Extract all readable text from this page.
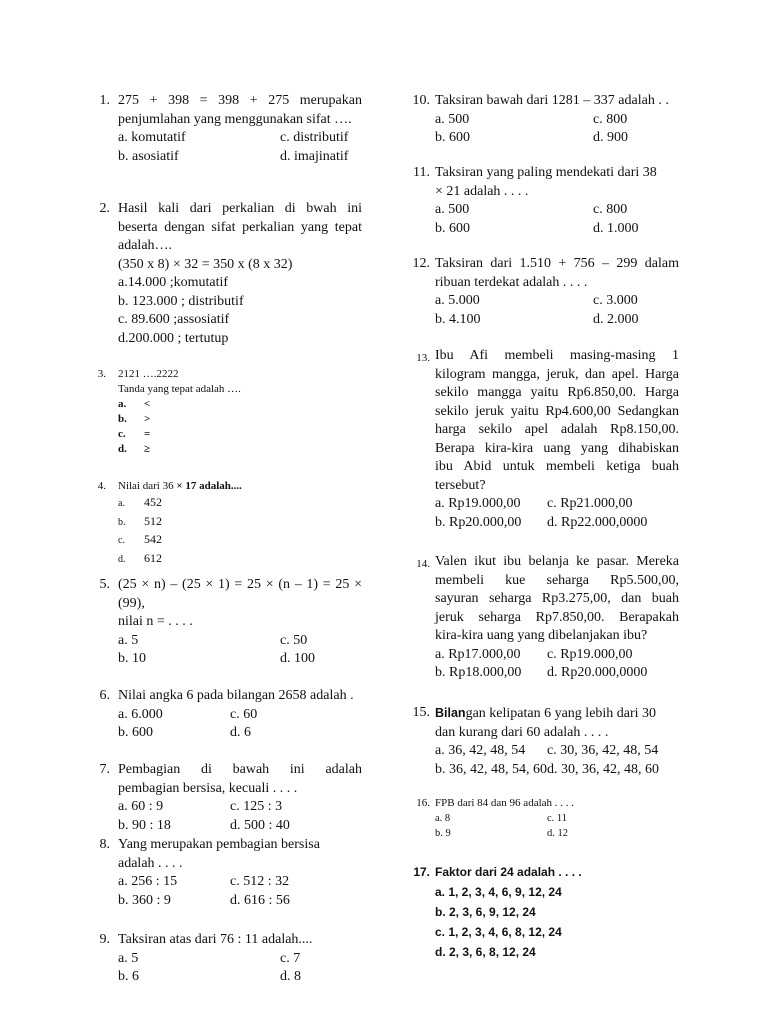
1. 275 + 398 = 398 + 275 merupakan
penjumlahan yang menggunakan sifat ….
a. komutatif	c. distributif
b. asosiatif	d. imajinatif
2. Hasil kali dari perkalian di bwah ini
beserta dengan sifat perkalian yang tepat
adalah….
(350 x 8) × 32 = 350 x (8 x 32)
a.14.000 ;komutatif
b. 123.000 ; distributif
c. 89.600 ;assosiatif
d.200.000 ; tertutup
3. 2121 ….2222
Tanda yang tepat adalah ….
a. <
b. >
c. =
d. ≥
4. Nilai dari 36 × 17 adalah....
a. 452
b. 512
c. 542
d. 612
5. (25 × n) – (25 × 1) = 25 × (n – 1) = 25 ×
(99),
nilai n = . . . .
a. 5	c. 50
b. 10	d. 100
6. Nilai angka 6 pada bilangan 2658 adalah .
a. 6.000	c. 60
b. 600	d. 6
7. Pembagian di bawah ini adalah
pembagian bersisa, kecuali . . . .
a. 60 : 9	c. 125 : 3
b. 90 : 18	d. 500 : 40
8. Yang merupakan pembagian bersisa
adalah . . . .
a. 256 : 15	c. 512 : 32
b. 360 : 9	d. 616 : 56
9. Taksiran atas dari 76 : 11 adalah....
a. 5	c. 7
b. 6	d. 8
10. Taksiran bawah dari 1281 – 337 adalah . .
a. 500	c. 800
b. 600	d. 900
11. Taksiran yang paling mendekati dari 38
× 21 adalah . . . .
a. 500	c. 800
b. 600	d. 1.000
12. Taksiran dari 1.510 + 756 – 299 dalam
ribuan terdekat adalah . . . .
a. 5.000	c. 3.000
b. 4.100	d. 2.000
13. Ibu Afi membeli masing-masing 1
kilogram mangga, jeruk, dan apel. Harga
sekilo mangga yaitu Rp6.850,00. Harga
sekilo jeruk yaitu Rp4.600,00 Sedangkan
harga sekilo apel adalah Rp8.150,00.
Berapa kira-kira uang yang dihabiskan
ibu Abid untuk membeli ketiga buah
tersebut?
a. Rp19.000,00	c. Rp21.000,00
b. Rp20.000,00	d. Rp22.000,0000
14. Valen ikut ibu belanja ke pasar. Mereka
membeli kue seharga Rp5.500,00,
sayuran seharga Rp3.275,00, dan buah
jeruk seharga Rp7.850,00. Berapakah
kira-kira uang yang dibelanjakan ibu?
a. Rp17.000,00	c. Rp19.000,00
b. Rp18.000,00	d. Rp20.000,0000
15. Bilangan kelipatan 6 yang lebih dari 30
dan kurang dari 60 adalah . . . .
a. 36, 42, 48, 54	c. 30, 36, 42, 48, 54
b. 36, 42, 48, 54, 60 d. 30, 36, 42, 48, 60
16. FPB dari 84 dan 96 adalah . . . .
a. 8	c. 11
b. 9	d. 12
17. Faktor dari 24 adalah . . . .
a. 1, 2, 3, 4, 6, 9, 12, 24
b. 2, 3, 6, 9, 12, 24
c. 1, 2, 3, 4, 6, 8, 12, 24
d. 2, 3, 6, 8, 12, 24
